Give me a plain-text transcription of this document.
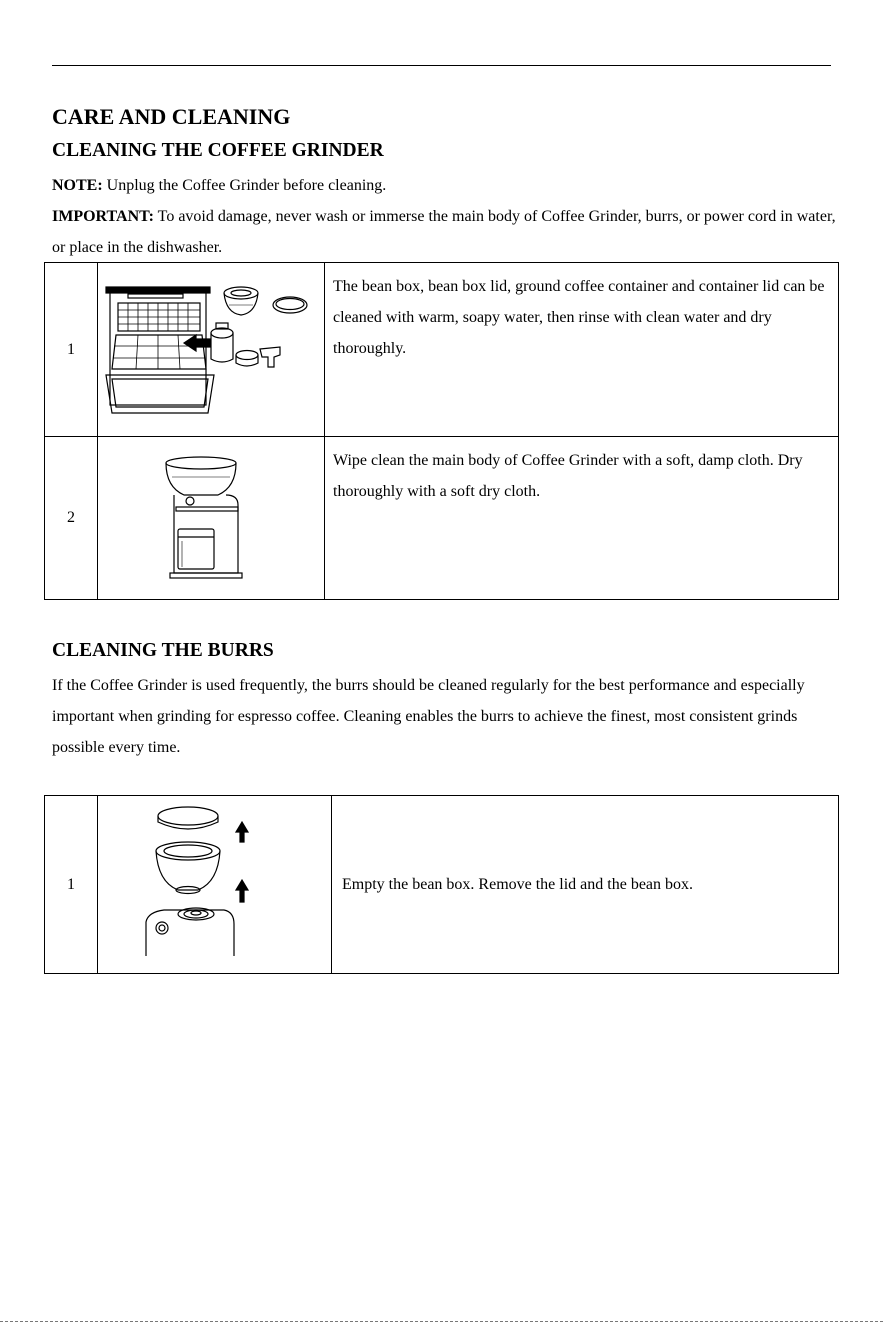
CARE AND CLEANING
CLEANING THE COFFEE GRINDER

NOTE: Unplug the Coffee Grinder before cleaning.

IMPORTANT: To avoid damage, never wash or immerse the main body of Coffee Grinder, burrs, or power cord in water, or place in the dishwasher.

1		The bean box, bean box lid, ground coffee container and container lid can be cleaned with warm, soapy water, then rinse with clean water and dry thoroughly.
2		Wipe clean the main body of Coffee Grinder with a soft, damp cloth. Dry thoroughly with a soft dry cloth.
CLEANING THE BURRS

If the Coffee Grinder is used frequently, the burrs should be cleaned regularly for the best performance and especially important when grinding for espresso coffee. Cleaning enables the burrs to achieve the finest, most consistent grinds possible every time.

1		Empty the bean box. Remove the lid and the bean box.
